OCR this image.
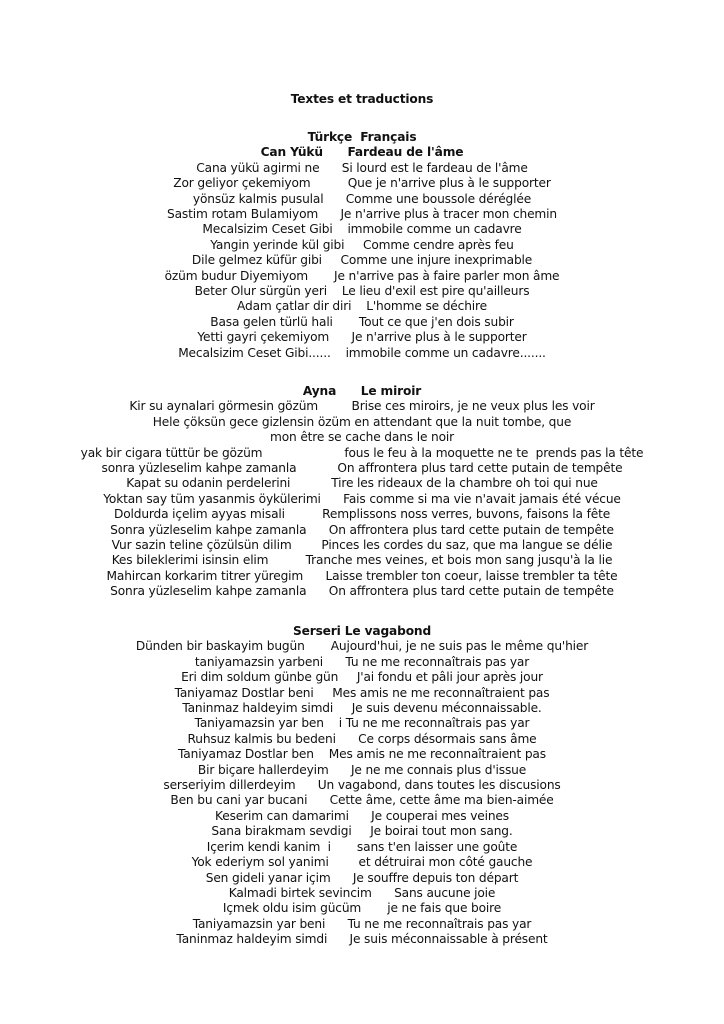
Textes et traductions
Türkçe  Français
Can Yükü      Fardeau de l'âme
Cana yükü agirmi ne      Si lourd est le fardeau de l'âme
Zor geliyor çekemiyom          Que je n'arrive plus à le supporter
yönsüz kalmis pusulal      Comme une boussole déréglée
Sastim rotam Bulamiyom      Je n'arrive plus à tracer mon chemin
Mecalsizim Ceset Gibi    immobile comme un cadavre
Yangin yerinde kül gibi     Comme cendre après feu
Dile gelmez küfür gibi     Comme une injure inexprimable
özüm budur Diyemiyom       Je n'arrive pas à faire parler mon âme
Beter Olur sürgün yeri    Le lieu d'exil est pire qu'ailleurs
Adam çatlar dir diri    L'homme se déchire
Basa gelen türlü hali       Tout ce que j'en dois subir
Yetti gayri çekemiyom      Je n'arrive plus à le supporter
Mecalsizim Ceset Gibi......    immobile comme un cadavre.......
Ayna      Le miroir
Kir su aynalari görmesin gözüm         Brise ces miroirs, je ne veux plus les voir
Hele çöksün gece gizlensin özüm en attendant que la nuit tombe, que mon être se cache dans le noir
yak bir cigara tüttür be gözüm                      fous le feu à la moquette ne te  prends pas la tête
sonra yüzleselim kahpe zamanla           On affrontera plus tard cette putain de tempête
Kapat su odanin perdelerini           Tire les rideaux de la chambre oh toi qui nue
Yoktan say tüm yasanmis öykülerimi      Fais comme si ma vie n'avait jamais été vécue
Doldurda içelim ayyas misali          Remplissons noss verres, buvons, faisons la fête
Sonra yüzleselim kahpe zamanla      On affrontera plus tard cette putain de tempête
Vur sazin teline çözülsün dilim        Pinces les cordes du saz, que ma langue se délie
Kes bileklerimi isinsin elim          Tranche mes veines, et bois mon sang jusqu'à la lie
Mahircan korkarim titrer yüregim      Laisse trembler ton coeur, laisse trembler ta tête
Sonra yüzleselim kahpe zamanla      On affrontera plus tard cette putain de tempête
Serseri Le vagabond
Dünden bir baskayim bugün       Aujourd'hui, je ne suis pas le même qu'hier
taniyamazsin yarbeni      Tu ne me reconnaîtrais pas yar
Eri dim soldum günbe gün     J'ai fondu et pâli jour après jour
Taniyamaz Dostlar beni     Mes amis ne me reconnaîtraient pas
Taninmaz haldeyim simdi     Je suis devenu méconnaissable.
Taniyamazsin yar ben    i Tu ne me reconnaîtrais pas yar
Ruhsuz kalmis bu bedeni      Ce corps désormais sans âme
Taniyamaz Dostlar ben    Mes amis ne me reconnaîtraient pas
Bir biçare hallerdeyim      Je ne me connais plus d'issue
serseriyim dillerdeyim      Un vagabond, dans toutes les discusions
Ben bu cani yar bucani      Cette âme, cette âme ma bien-aimée
Keserim can damarimi      Je couperai mes veines
Sana birakmam sevdigi     Je boirai tout mon sang.
Içerim kendi kanim  i       sans t'en laisser une goûte
Yok ederiym sol yanimi        et détruirai mon côté gauche
Sen gideli yanar içim      Je souffre depuis ton départ
Kalmadi birtek sevincim      Sans aucune joie
Içmek oldu isim gücüm       je ne fais que boire
Taniyamazsin yar beni      Tu ne me reconnaîtrais pas yar
Taninmaz haldeyim simdi      Je suis méconnaissable à présent
